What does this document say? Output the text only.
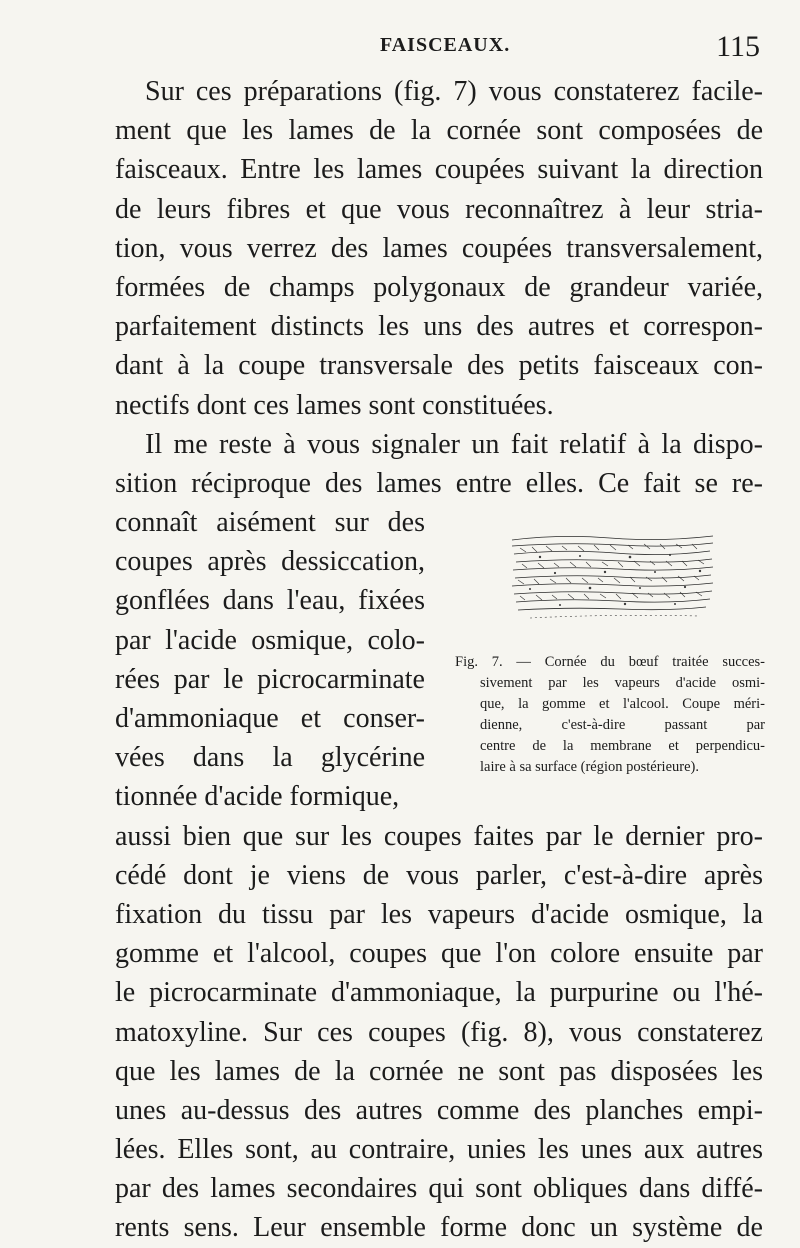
FAISCEAUX.	115
Sur ces préparations (fig. 7) vous constaterez facile-
ment que les lames de la cornée sont composées de
faisceaux. Entre les lames coupées suivant la direction
de leurs fibres et que vous reconnaîtrez à leur stria-
tion, vous verrez des lames coupées transversalement,
formées de champs polygonaux de grandeur variée,
parfaitement distincts les uns des autres et correspon-
dant à la coupe transversale des petits faisceaux con-
nectifs dont ces lames sont constituées.
Il me reste à vous signaler un fait relatif à la dispo-
sition réciproque des lames entre elles. Ce fait se re-
connaît aisément sur des
coupes après dessiccation,
gonflées dans l'eau, fixées
par l'acide osmique, colo-
rées par le picrocarminate
d'ammoniaque et conser-
vées dans la glycérine
tionnée d'acide formique,
aussi bien que sur les coupes faites par le dernier pro-
cédé dont je viens de vous parler, c'est-à-dire après
fixation du tissu par les vapeurs d'acide osmique, la
gomme et l'alcool, coupes que l'on colore ensuite par
le picrocarminate d'ammoniaque, la purpurine ou l'hé-
matoxyline. Sur ces coupes (fig. 8), vous constaterez
que les lames de la cornée ne sont pas disposées les
unes au-dessus des autres comme des planches empi-
lées. Elles sont, au contraire, unies les unes aux autres
par des lames secondaires qui sont obliques dans diffé-
rents sens. Leur ensemble forme donc un système de
Fig. 7. — Cornée du bœuf traitée succes-
sivement par les vapeurs d'acide osmi-
que, la gomme et l'alcool. Coupe méri-
dienne, c'est-à-dire passant par
centre de la membrane et perpendicu-
laire à sa surface (région postérieure).
